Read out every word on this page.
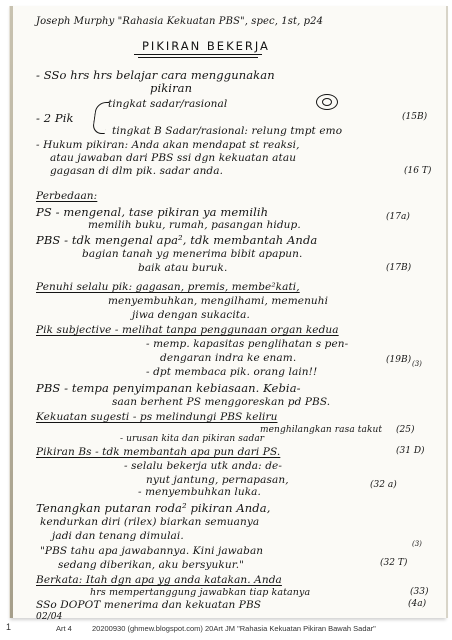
Joseph Murphy "Rahasia Kekuatan PBS", spec, 1st, p24
PIKIRAN BEKERJA
- SSo hrs hrs belajar cara menggunakan
pikiran
tingkat sadar/rasional
- 2 Pik
tingkat B Sadar/rasional: relung tmpt emo
(15B)
- Hukum pikiran: Anda akan mendapat st reaksi,
atau jawaban dari PBS ssi dgn kekuatan atau
gagasan di dlm pik. sadar anda.	(16 T)
Perbedaan:
PS - mengenal, tase pikiran ya memilih
memilih buku, rumah, pasangan hidup.
(17a)
PBS - tdk mengenal apa², tdk membantah Anda
bagian tanah yg menerima bibit apapun.
baik atau buruk.	(17B)
Penuhi selalu pik: gagasan, premis, membe²kati,
menyembuhkan, mengilhami, memenuhi
jiwa dengan sukacita.
Pik subjective - melihat tanpa penggunaan organ kedua
- memp. kapasitas penglihatan s pen-
dengaran indra ke enam.	(19B)
- dpt membaca pik. orang lain!!
PBS - tempa penyimpanan kebiasaan. Kebia-
saan berhent PS menggoreskan pd PBS.
Kekuatan sugesti - ps melindungi PBS keliru
menghilangkan rasa takut (25)
- urusan kita dan pikiran sadar
Pikiran Bs - tdk membantah apa pun dari PS.	(31 D)
- selalu bekerja utk anda: de-
nyut jantung, pernapasan,
- menyembuhkan luka.
(32 a)
Tenangkan putaran roda² pikiran Anda,
kendurkan diri (rilex) biarkan semuanya
jadi dan tenang dimulai.
"PBS tahu apa jawabannya. Kini jawaban
sedang diberikan, aku bersyukur."	(32 T)
Berkata: Itah dgn apa yg anda katakan. Anda
hrs mempertanggung jawabkan tiap katanya	(33)
SSo DOPOT menerima dan kekuatan PBS	(4a)
02/04
(3)
(3)
1	Art 4	20200930 (ghmew.blogspot.com) 20Art JM "Rahasia Kekuatan Pikiran Bawah Sadar"
